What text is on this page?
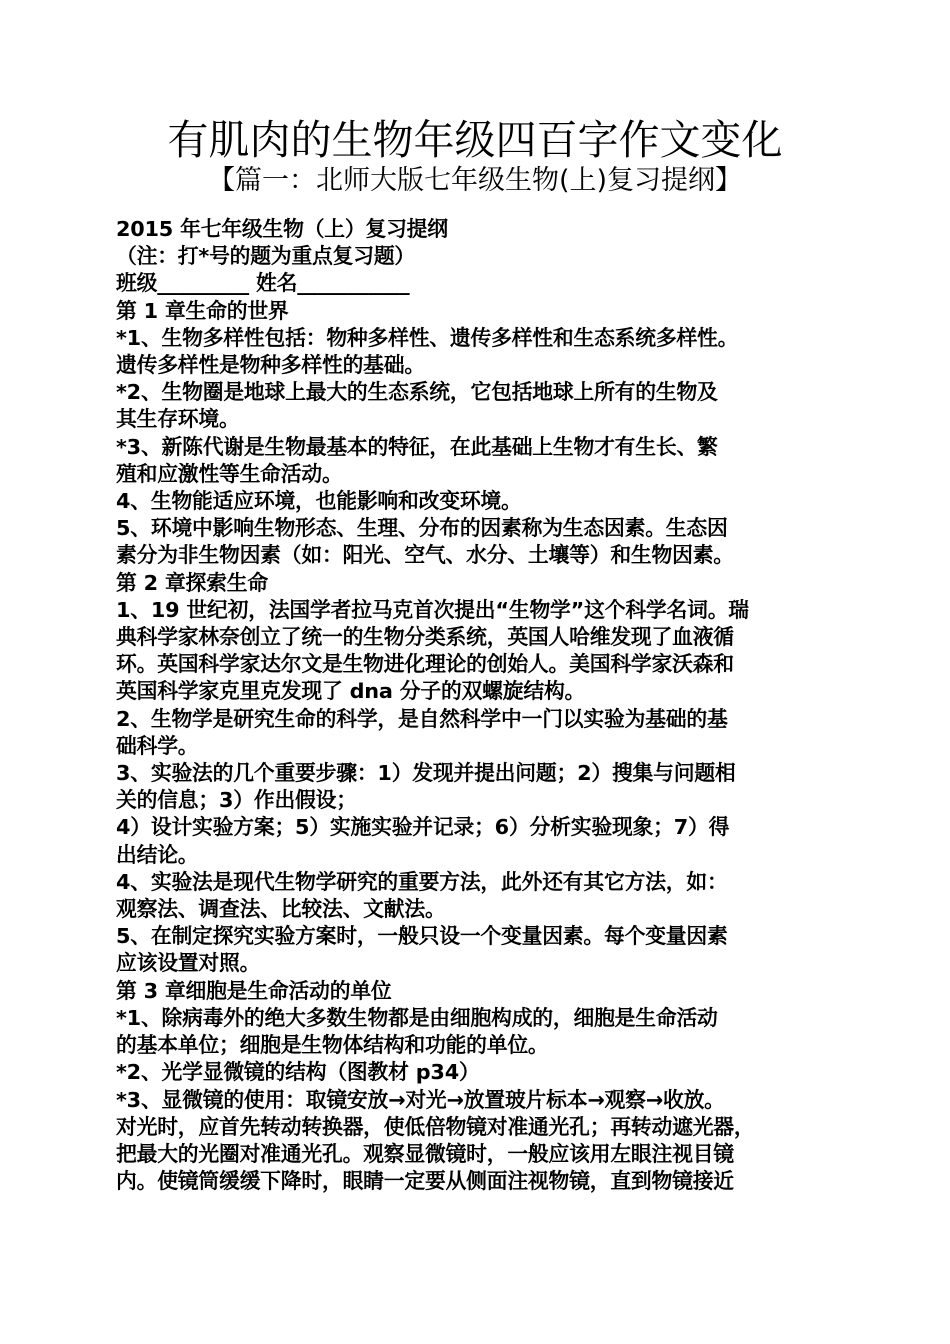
有肌肉的生物年级四百字作文变化
【篇一：北师大版七年级生物(上)复习提纲】

2015 年七年级生物（上）复习提纲

（注：打*号的题为重点复习题）

班级_________ 姓名___________

第 1 章生命的世界

*1、生物多样性包括：物种多样性、遗传多样性和生态系统多样性。

遗传多样性是物种多样性的基础。

*2、生物圈是地球上最大的生态系统，它包括地球上所有的生物及

其生存环境。

*3、新陈代谢是生物最基本的特征，在此基础上生物才有生长、繁

殖和应激性等生命活动。

4、生物能适应环境，也能影响和改变环境。

5、环境中影响生物形态、生理、分布的因素称为生态因素。生态因

素分为非生物因素（如：阳光、空气、水分、土壤等）和生物因素。

第 2 章探索生命

1、19 世纪初，法国学者拉马克首次提出“生物学”这个科学名词。瑞

典科学家林奈创立了统一的生物分类系统，英国人哈维发现了血液循

环。英国科学家达尔文是生物进化理论的创始人。美国科学家沃森和

英国科学家克里克发现了 dna 分子的双螺旋结构。

2、生物学是研究生命的科学，是自然科学中一门以实验为基础的基

础科学。

3、实验法的几个重要步骤：1）发现并提出问题；2）搜集与问题相

关的信息；3）作出假设；

4）设计实验方案；5）实施实验并记录；6）分析实验现象；7）得

出结论。

4、实验法是现代生物学研究的重要方法，此外还有其它方法，如：

观察法、调查法、比较法、文献法。

5、在制定探究实验方案时，一般只设一个变量因素。每个变量因素

应该设置对照。

第 3 章细胞是生命活动的单位

*1、除病毒外的绝大多数生物都是由细胞构成的，细胞是生命活动

的基本单位；细胞是生物体结构和功能的单位。

*2、光学显微镜的结构（图教材 p34）

*3、显微镜的使用：取镜安放→对光→放置玻片标本→观察→收放。

对光时，应首先转动转换器，使低倍物镜对准通光孔；再转动遮光器，

把最大的光圈对准通光孔。观察显微镜时，一般应该用左眼注视目镜

内。使镜筒缓缓下降时，眼睛一定要从侧面注视物镜，直到物镜接近
